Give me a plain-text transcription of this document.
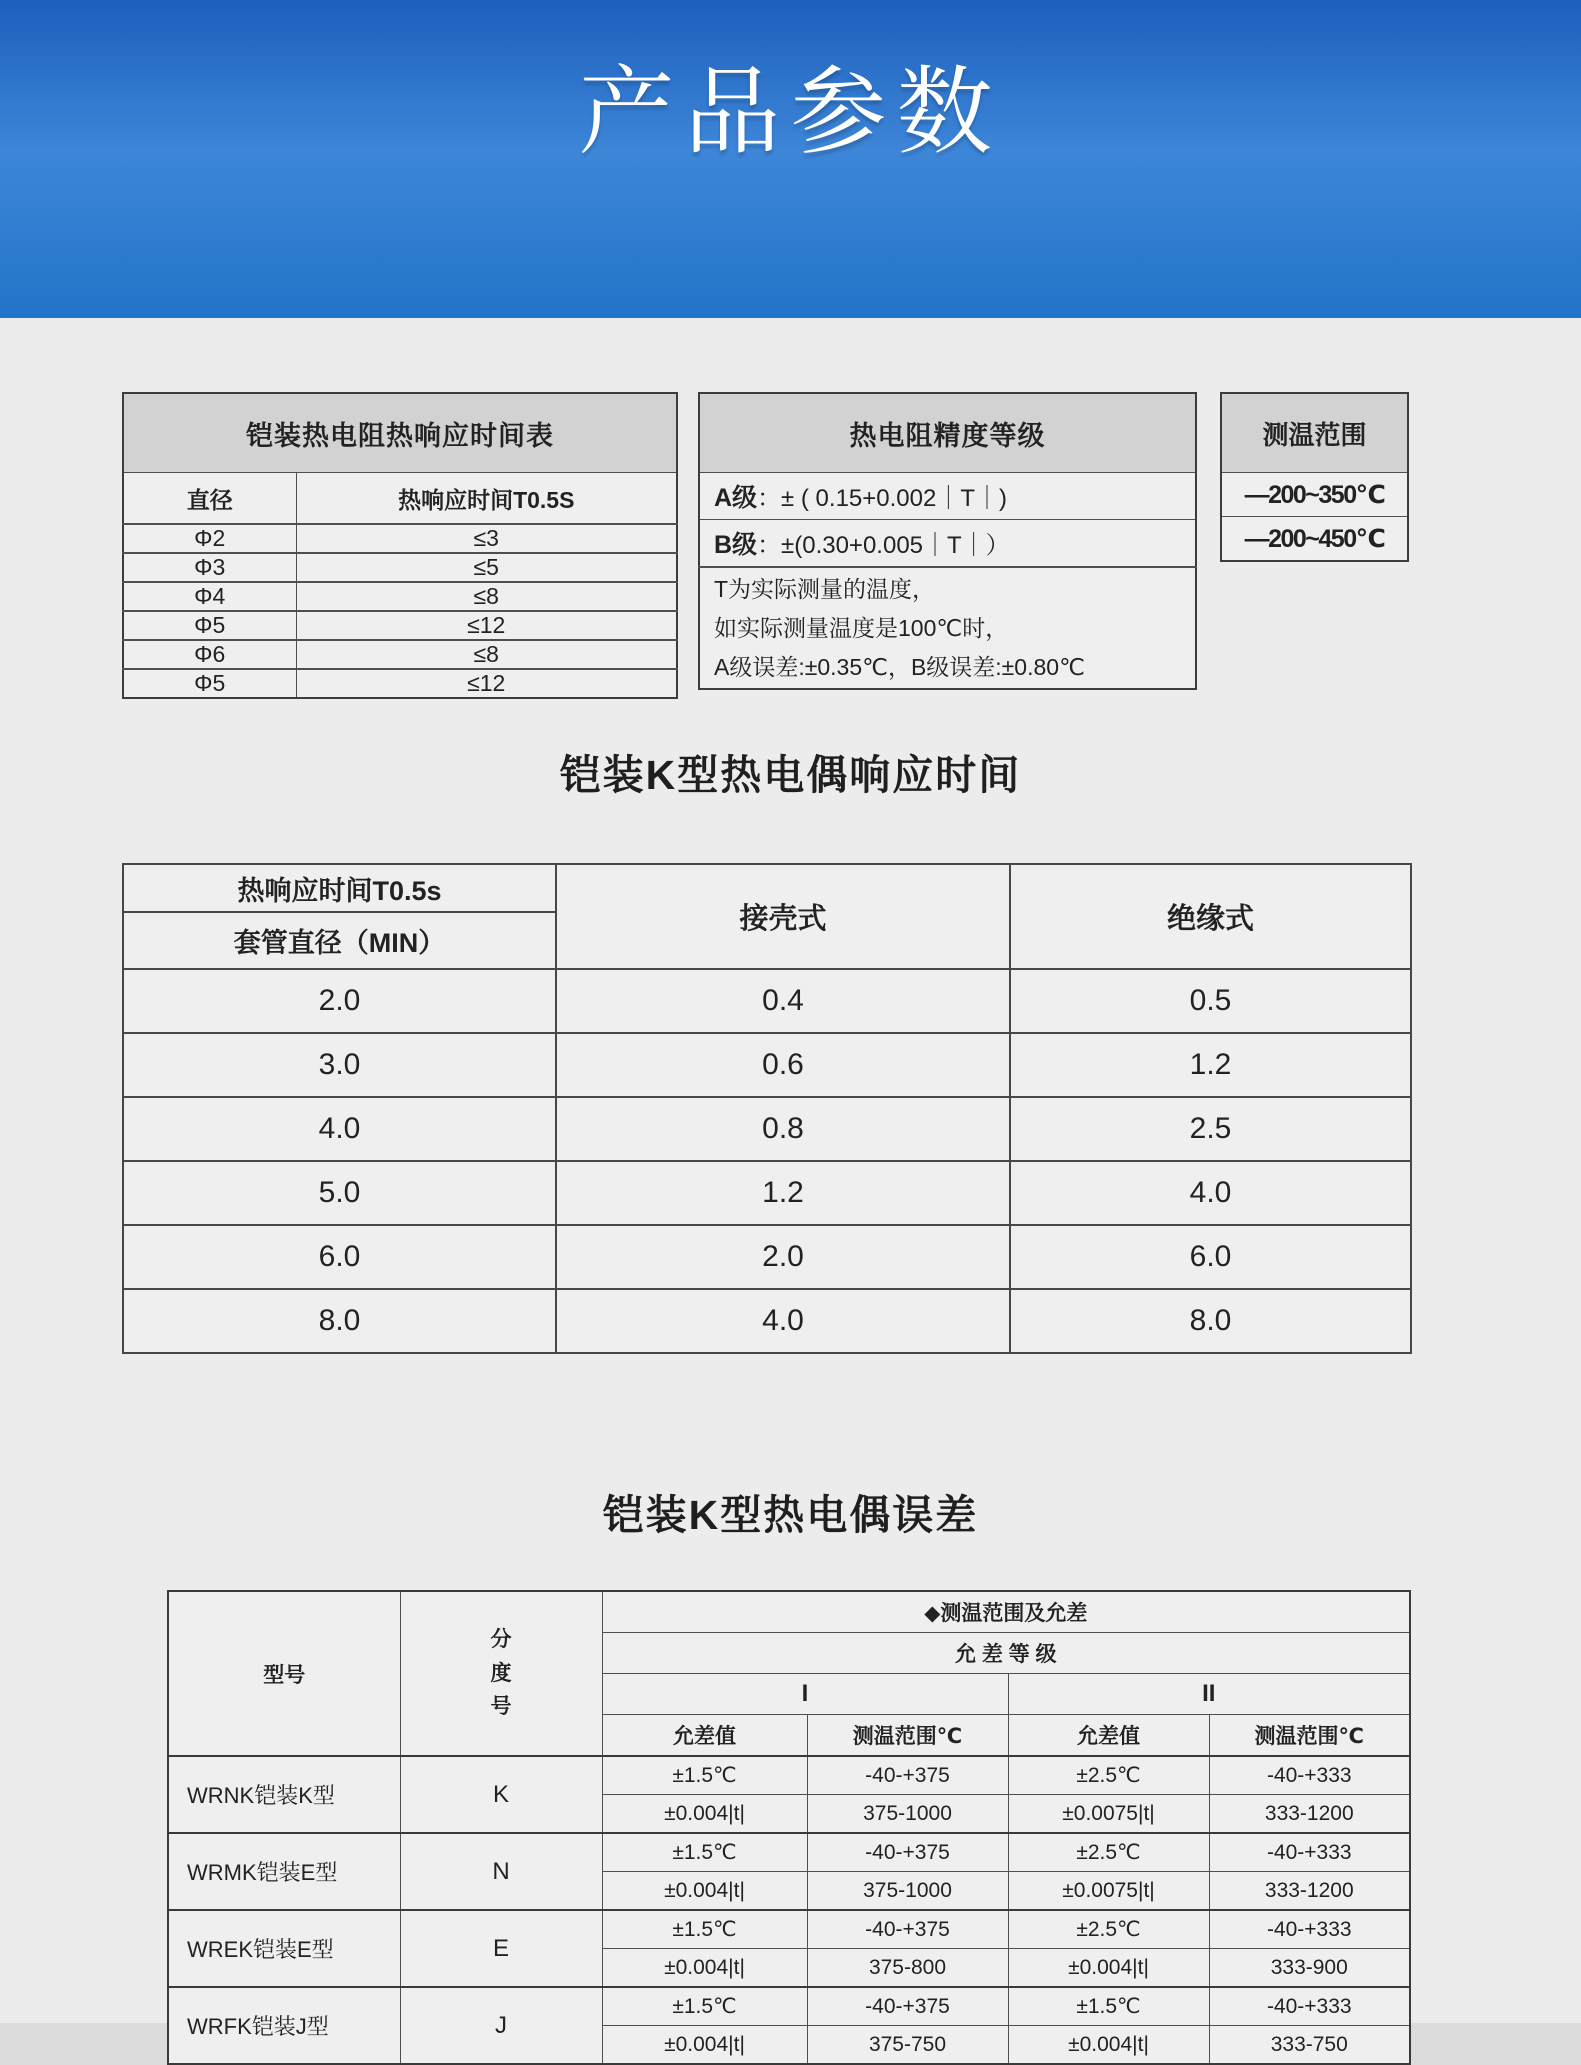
产品参数
铠装热电阻热响应时间表	
直径	热响应时间T0.5S
Φ2	≤3
Φ3	≤5
Φ4	≤8
Φ5	≤12
Φ6	≤8
Φ5	≤12
热电阻精度等级
A级：± ( 0.15+0.002｜T｜)
B级：±(0.30+0.005｜T｜）

T为实际测量的温度，
如实际测量温度是100℃时，
A级误差:±0.35℃，B级误差:±0.80℃
测温范围
—200~350℃
—200~450℃
铠装K型热电偶响应时间
热响应时间T0.5s	接壳式	绝缘式
套管直径（MIN）		
2.0	0.4	0.5
3.0	0.6	1.2
4.0	0.8	2.5
5.0	1.2	4.0
6.0	2.0	6.0
8.0	4.0	8.0
铠装K型热电偶误差
型号	分度号	◆测温范围及允差			
		允 差 等 级			
		I		II	
		允差值	测温范围℃	允差值	测温范围℃
WRNK铠装K型	K	±1.5℃	-40-+375	±2.5℃	-40-+333
		±0.004|t|	375-1000	±0.0075|t|	333-1200
WRMK铠装E型	N	±1.5℃	-40-+375	±2.5℃	-40-+333
		±0.004|t|	375-1000	±0.0075|t|	333-1200
WREK铠装E型	E	±1.5℃	-40-+375	±2.5℃	-40-+333
		±0.004|t|	375-800	±0.004|t|	333-900
WRFK铠装J型	J	±1.5℃	-40-+375	±1.5℃	-40-+333
		±0.004|t|	375-750	±0.004|t|	333-750
